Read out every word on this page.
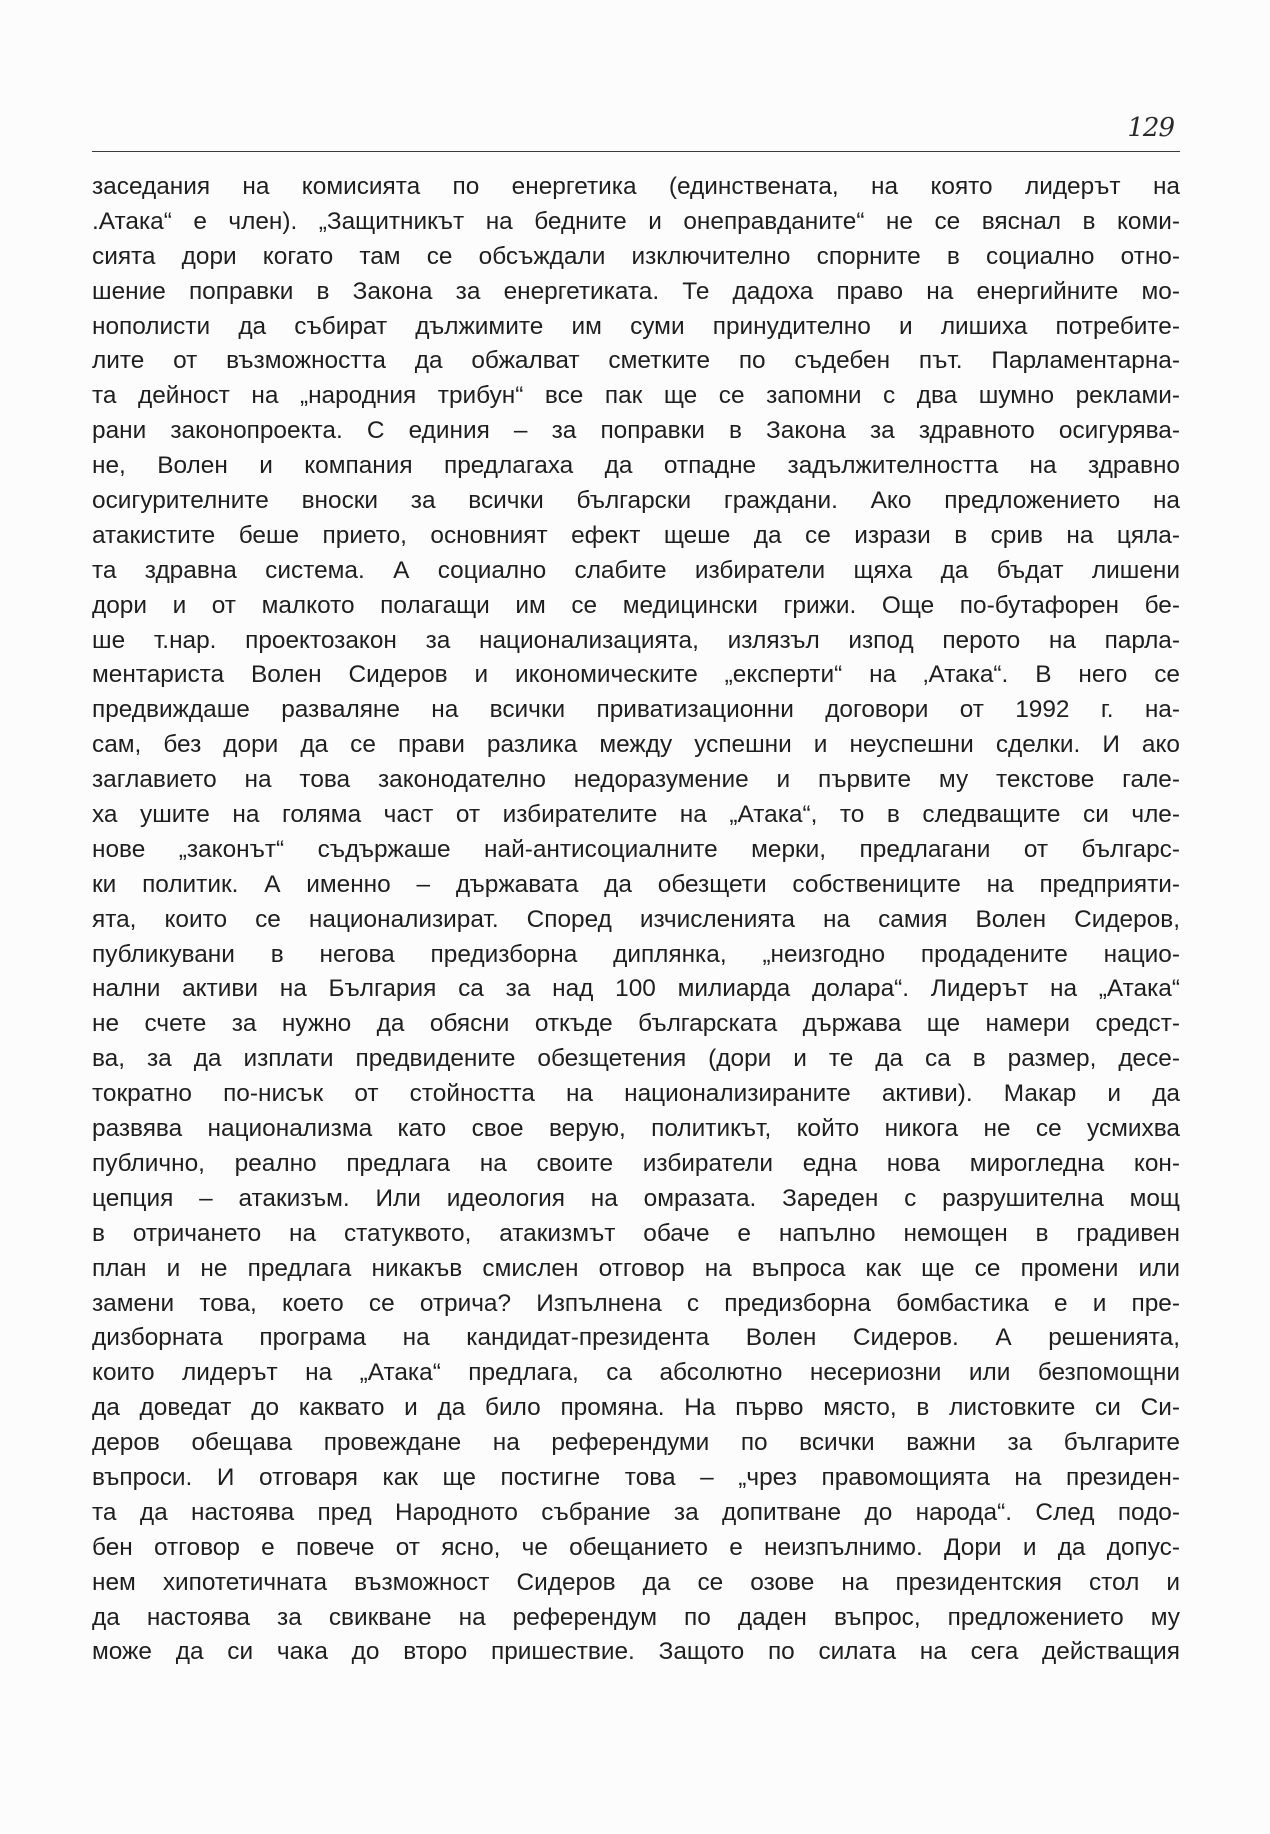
129
заседания на комисията по енергетика (единствената, на която лидерът на
.Атака“ е член). „Защитникът на бедните и онеправданите“ не се вяснал в коми-
сията дори когато там се обсъждали изключително спорните в социално отно-
шение поправки в Закона за енергетиката. Те дадоха право на енергийните мо-
нополисти да събират дължимите им суми принудително и лишиха потребите-
лите от възможността да обжалват сметките по съдебен път. Парламентарна-
та дейност на „народния трибун“ все пак ще се запомни с два шумно реклами-
рани законопроекта. С единия – за поправки в Закона за здравното осигурява-
не, Волен и компания предлагаха да отпадне задължителността на здравно
осигурителните вноски за всички български граждани. Ако предложението на
атакистите беше прието, основният ефект щеше да се изрази в срив на цяла-
та здравна система. А социално слабите избиратели щяха да бъдат лишени
дори и от малкото полагащи им се медицински грижи. Още по-бутафорен бе-
ше т.нар. проектозакон за национализацията, излязъл изпод перото на парла-
ментариста Волен Сидеров и икономическите „експерти“ на ‚Атака“. В него се
предвиждаше разваляне на всички приватизационни договори от 1992 г. на-
сам, без дори да се прави разлика между успешни и неуспешни сделки. И ако
заглавието на това законодателно недоразумение и първите му текстове гале-
ха ушите на голяма част от избирателите на „Атака“, то в следващите си чле-
нове „законът“ съдържаше най-антисоциалните мерки, предлагани от българс-
ки политик. А именно – държавата да обезщети собствениците на предприяти-
ята, които се национализират. Според изчисленията на самия Волен Сидеров,
публикувани в негова предизборна диплянка, „неизгодно продадените нацио-
нални активи на България са за над 100 милиарда долара“. Лидерът на „Атака“
не счете за нужно да обясни откъде българската държава ще намери средст-
ва, за да изплати предвидените обезщетения (дори и те да са в размер, десе-
тократно по-нисък от стойността на национализираните активи). Макар и да
развява национализма като свое верую, политикът, който никога не се усмихва
публично, реално предлага на своите избиратели една нова мирогледна кон-
цепция – атакизъм. Или идеология на омразата. Зареден с разрушителна мощ
в отричането на статуквото, атакизмът обаче е напълно немощен в градивен
план и не предлага никакъв смислен отговор на въпроса как ще се промени или
замени това, което се отрича? Изпълнена с предизборна бомбастика е и пре-
дизборната програма на кандидат-президента Волен Сидеров. А решенията,
които лидерът на „Атака“ предлага, са абсолютно несериозни или безпомощни
да доведат до каквато и да било промяна. На първо място, в листовките си Си-
деров обещава провеждане на референдуми по всички важни за българите
въпроси. И отговаря как ще постигне това – „чрез правомощията на президен-
та да настоява пред Народното събрание за допитване до народа“. След подо-
бен отговор е повече от ясно, че обещанието е неизпълнимо. Дори и да допус-
нем хипотетичната възможност Сидеров да се озове на президентския стол и
да настоява за свикване на референдум по даден въпрос, предложението му
може да си чака до второ пришествие. Защото по силата на сега действащия
